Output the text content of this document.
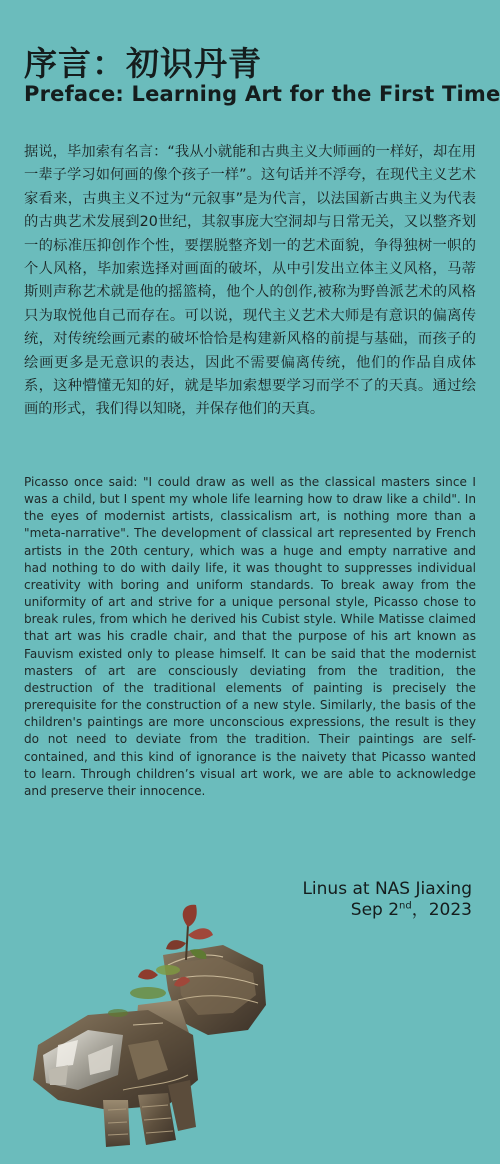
序言：初识丹青
Preface: Learning Art for the First Time

据说，毕加索有名言：“我从小就能和古典主义大师画的一样好，却在用一辈子学习如何画的像个孩子一样”。这句话并不浮夸，在现代主义艺术家看来，古典主义不过为“元叙事”是为代言，以法国新古典主义为代表的古典艺术发展到20世纪，其叙事庞大空洞却与日常无关，又以整齐划一的标准压抑创作个性，要摆脱整齐划一的艺术面貌，争得独树一帜的个人风格，毕加索选择对画面的破坏，从中引发出立体主义风格，马蒂斯则声称艺术就是他的摇篮椅，他个人的创作,被称为野兽派艺术的风格只为取悦他自己而存在。可以说，现代主义艺术大师是有意识的偏离传统，对传统绘画元素的破坏恰恰是构建新风格的前提与基础，而孩子的绘画更多是无意识的表达，因此不需要偏离传统，他们的作品自成体系，这种懵懂无知的好，就是毕加索想要学习而学不了的天真。通过绘画的形式，我们得以知晓，并保存他们的天真。

Picasso once said: "I could draw as well as the classical masters since I was a child, but I spent my whole life learning how to draw like a child". In the eyes of modernist artists, classicalism art, is nothing more than a "meta-narrative". The development of classical art represented by French artists in the 20th century, which was a huge and empty narrative and had nothing to do with daily life, it was thought to suppresses individual creativity with boring and uniform standards. To break away from the uniformity of art and strive for a unique personal style, Picasso chose to break rules, from which he derived his Cubist style. While Matisse claimed that art was his cradle chair, and that the purpose of his art known as Fauvism existed only to please himself. It can be said that the modernist masters of art are consciously deviating from the tradition, the destruction of the traditional elements of painting is precisely the prerequisite for the construction of a new style. Similarly, the basis of the children's paintings are more unconscious expressions, the result is they do not need to deviate from the tradition. Their paintings are self-contained, and this kind of ignorance is the naivety that Picasso wanted to learn. Through children’s visual art work, we are able to acknowledge and preserve their innocence.

Linus at NAS Jiaxing
Sep 2nd，2023
